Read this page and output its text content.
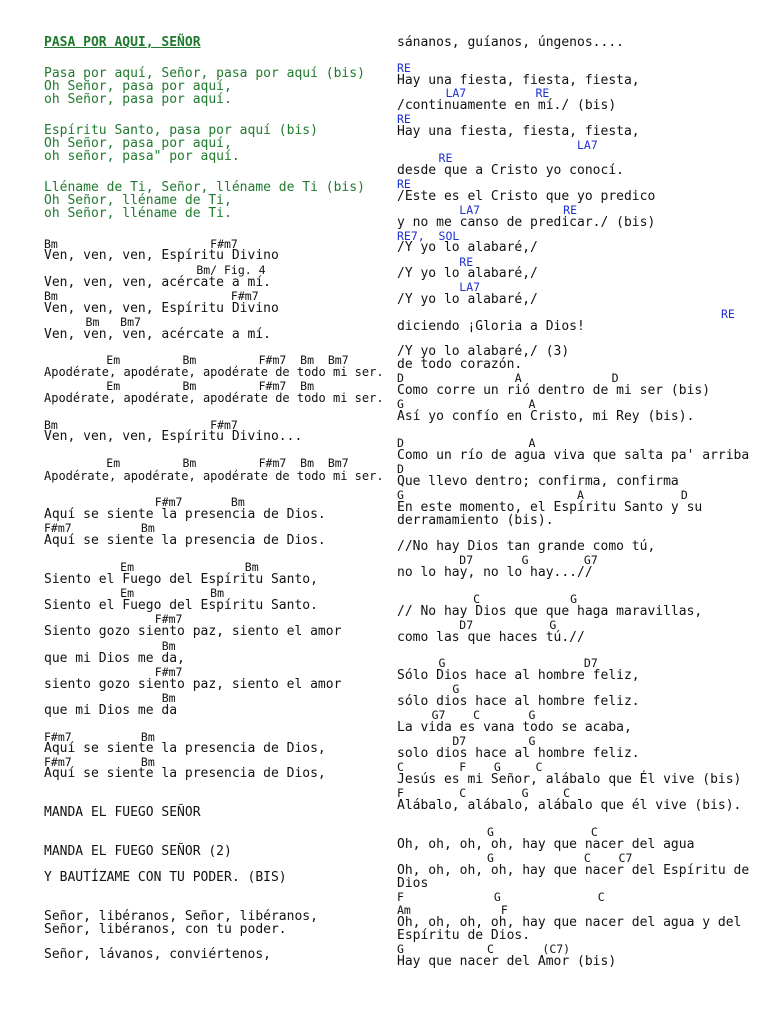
PASA POR AQUI, SEÑOR
Pasa por aquí, Señor, pasa por aquí (bis)
Oh Señor, pasa por aquí,
oh Señor, pasa por aquí.
Espíritu Santo, pasa por aquí (bis)
Oh Señor, pasa por aquí,
oh señor, pasa" por aquí.
Lléname de Ti, Señor, lléname de Ti (bis)
Oh Señor, lléname de Ti,
oh Señor, lléname de Ti.
Bm                      F#m7
Ven, ven, ven, Espíritu Divino
Bm/ Fig. 4
Ven, ven, ven, acércate a mí.
Bm                         F#m7
Ven, ven, ven, Espíritu Divino
Bm   Bm7
Ven, ven, ven, acércate a mí.
Em         Bm         F#m7  Bm  Bm7
Apodérate, apodérate, apodérate de todo mi ser.
Em         Bm         F#m7  Bm
Apodérate, apodérate, apodérate de todo mi ser.
Bm                      F#m7
Ven, ven, ven, Espíritu Divino...
Em         Bm         F#m7  Bm  Bm7
Apodérate, apodérate, apodérate de todo mi ser.
F#m7       Bm
Aquí se siente la presencia de Dios.
F#m7          Bm
Aquí se siente la presencia de Dios.
Em                Bm
Siento el Fuego del Espíritu Santo,
Em           Bm
Siento el Fuego del Espíritu Santo.
F#m7
Siento gozo siento paz, siento el amor
Bm
que mi Dios me da,
F#m7
siento gozo siento paz, siento el amor
Bm
que mi Dios me da
F#m7          Bm
Aquí se siente la presencia de Dios,
F#m7          Bm
Aquí se siente la presencia de Dios,
MANDA EL FUEGO SEÑOR
MANDA EL FUEGO SEÑOR (2)
Y BAUTÍZAME CON TU PODER. (BIS)
Señor, libéranos, Señor, libéranos,
Señor, libéranos, con tu poder.
Señor, lávanos, conviértenos,
sánanos, guíanos, úngenos....
RE
Hay una fiesta, fiesta, fiesta,
LA7          RE
/continuamente en mí./ (bis)
RE
Hay una fiesta, fiesta, fiesta,
LA7
RE
desde que a Cristo yo conocí.
RE
/Este es el Cristo que yo predico
LA7            RE
y no me canso de predicar./ (bis)
RE7,  SOL
/Y yo lo alabaré,/
RE
/Y yo lo alabaré,/
LA7
/Y yo lo alabaré,/
RE
diciendo ¡Gloria a Dios!
/Y yo lo alabaré,/ (3)
de todo corazón.
D                A             D
Como corre un rió dentro de mi ser (bis)
G                  A
Así yo confío en Cristo, mi Rey (bis).
D                  A
Como un río de agua viva que salta pa' arriba
D
Que llevo dentro; confirma, confirma
G                         A              D
En este momento, el Espíritu Santo y su
derramamiento (bis).
//No hay Dios tan grande como tú,
D7       G        G7
no lo hay, no lo hay...//
C             G
// No hay Dios que que haga maravillas,
D7           G
como las que haces tú.//
G                    D7
Sólo Dios hace al hombre feliz,
G
sólo dios hace al hombre feliz.
G7    C       G
La vida es vana todo se acaba,
D7         G
solo dios hace al hombre feliz.
C        F    G     C
Jesús es mi Señor, alábalo que Él vive (bis)
F        C        G     C
Alábalo, alábalo, alábalo que él vive (bis).
G              C
Oh, oh, oh, oh, hay que nacer del agua
G             C    C7
Oh, oh, oh, oh, hay que nacer del Espíritu de
Dios
F             G              C
Am             F
Oh, oh, oh, oh, hay que nacer del agua y del
Espíritu de Dios.
G            C       (C7)
Hay que nacer del Amor (bis)
